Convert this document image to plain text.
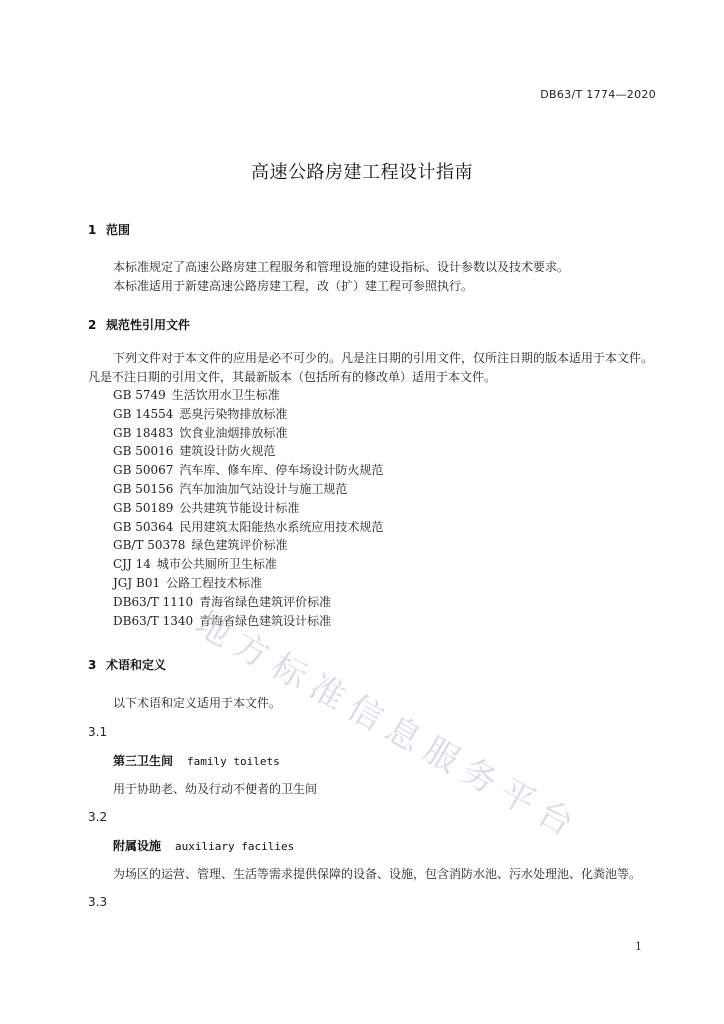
DB63/T 1774—2020
高速公路房建工程设计指南
1 范围
本标准规定了高速公路房建工程服务和管理设施的建设指标、设计参数以及技术要求。
本标准适用于新建高速公路房建工程，改（扩）建工程可参照执行。
2 规范性引用文件
下列文件对于本文件的应用是必不可少的。凡是注日期的引用文件，仅所注日期的版本适用于本文件。凡是不注日期的引用文件，其最新版本（包括所有的修改单）适用于本文件。
GB 5749 生活饮用水卫生标准
GB 14554 恶臭污染物排放标准
GB 18483 饮食业油烟排放标准
GB 50016 建筑设计防火规范
GB 50067 汽车库、修车库、停车场设计防火规范
GB 50156 汽车加油加气站设计与施工规范
GB 50189 公共建筑节能设计标准
GB 50364 民用建筑太阳能热水系统应用技术规范
GB/T 50378 绿色建筑评价标准
CJJ 14 城市公共厕所卫生标准
JGJ B01 公路工程技术标准
DB63/T 1110 青海省绿色建筑评价标准
DB63/T 1340 青海省绿色建筑设计标准
3 术语和定义
以下术语和定义适用于本文件。
3.1
第三卫生间 family toilets
用于协助老、幼及行动不便者的卫生间
3.2
附属设施 auxiliary facilies
为场区的运营、管理、生活等需求提供保障的设备、设施，包含消防水池、污水处理池、化粪池等。
3.3
地
方
标
准
信
息
服
务
平
台
1
